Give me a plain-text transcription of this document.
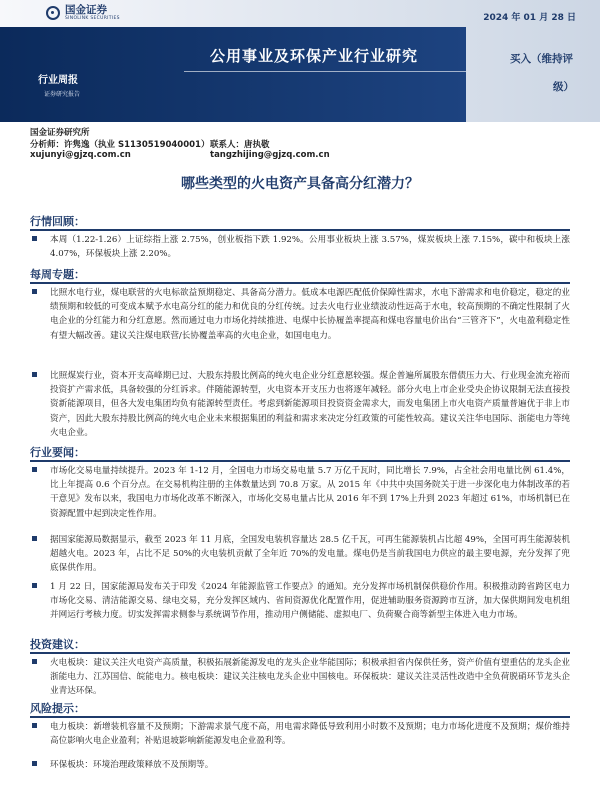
国金证券
SINOLINK SECURITIES	2024 年 01 月 28 日
公用事业及环保产业行业研究
行业周报
证券研究报告
买入（维持评
级）
国金证券研究所
分析师：许隽逸（执业 S1130519040001） 联系人：唐执敬
xujunyi@gjzq.com.cn	tangzhijing@gjzq.com.cn
哪些类型的火电资产具备高分红潜力？
行情回顾：
本周（1.22-1.26）上证综指上涨 2.75%，创业板指下跌 1.92%。公用事业板块上涨 3.57%，煤炭板块上涨 7.15%，碳中和板块上涨 4.07%，环保板块上涨 2.20%。
每周专题：
比照水电行业，煤电联营的火电标欲益预期稳定、具备高分潜力。低成本电源匹配低价保障性需求，水电下游需求和电价稳定，稳定的业绩预期和较低的可变成本赋予水电高分红的能力和优良的分红传统。过去火电行业业绩波动性远高于水电，较高预期的不确定性限制了火电企业的分红能力和分红意愿。然而通过电力市场化持续推进、电煤中长协履盖率提高和煤电容量电价出台“三管齐下”，火电盈利稳定性有望大幅改善。建议关注煤电联营/长协覆盖率高的火电企业，如国电电力。
比照煤炭行业，资本开支高峰期已过、大股东持股比例高的纯火电企业分红意愿较强。煤企普遍所属股东借债压力大、行业现金流充裕而投资扩产需求低，具备较强的分红诉求。伴随能源转型，火电资本开支压力也将逐年减轻。部分火电上市企业受央企协议限制无法直接投资新能源项目，但各大发电集团均负有能源转型责任。考虑到新能源项目投资资金需求大，而发电集团上市火电资产质量普遍优于非上市资产，因此大股东持股比例高的纯火电企业未来根据集团的利益和需求来决定分红政策的可能性较高。建议关注华电国际、浙能电力等纯火电企业。
行业要闻：
市场化交易电量持续提升。2023 年 1-12 月，全国电力市场交易电量 5.7 万亿千瓦时，同比增长 7.9%，占全社会用电量比例 61.4%，比上年提高 0.6 个百分点。在交易机构注册的主体数量达到 70.8 万家。从 2015 年《中共中央国务院关于进一步深化电力体制改革的若干意见》发布以来，我国电力市场化改革不断深入，市场化交易电量占比从 2016 年不到 17%上升到 2023 年超过 61%，市场机制已在资源配置中起到决定性作用。
据国家能源局数据显示，截至 2023 年 11 月底，全国发电装机容量达 28.5 亿千瓦，可再生能源装机占比超 49%，全国可再生能源装机超越火电。2023 年，占比不足 50%的火电装机贡献了全年近 70%的发电量。煤电仍是当前我国电力供应的最主要电源，充分发挥了兜底保供作用。
1 月 22 日，国家能源局发布关于印发《2024 年能源监管工作要点》的通知。充分发挥市场机制保供稳价作用。积极推动跨省跨区电力市场化交易、清洁能源交易、绿电交易，充分发挥区域内、省间资源优化配置作用，促进辅助服务资源跨市互济，加大保供期间发电机组并网运行考核力度。切实发挥需求侧参与系统调节作用，推动用户侧储能、虚拟电厂、负荷聚合商等新型主体进入电力市场。
投资建议：
火电板块：建议关注火电资产高质量，积极拓展新能源发电的龙头企业华能国际；积极承担省内保供任务，资产价值有望重估的龙头企业浙能电力、江苏国信、皖能电力。核电板块：建议关注核电龙头企业中国核电。环保板块：建议关注灵活性改造中全负荷脱硝环节龙头企业青达环保。
风险提示：
电力板块：新增装机容量不及预期；下游需求景气度不高，用电需求降低导致利用小时数不及预期；电力市场化进度不及预期；煤价维持高位影响火电企业盈利；补贴退坡影响新能源发电企业盈利等。
环保板块：环境治理政策释放不及预期等。
